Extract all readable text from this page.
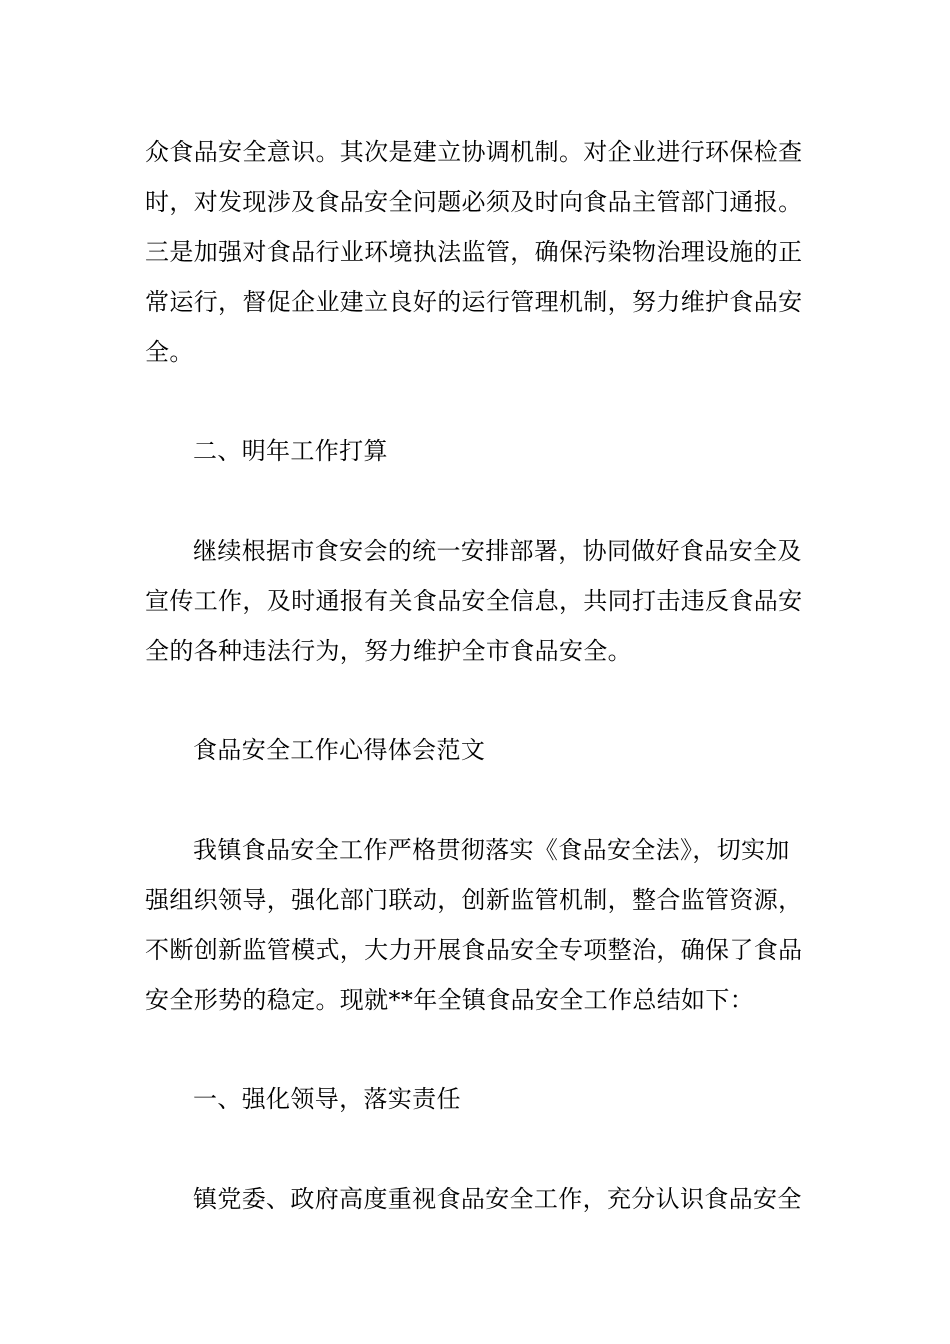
众食品安全意识。其次是建立协调机制。对企业进行环保检查
时，对发现涉及食品安全问题必须及时向食品主管部门通报。
三是加强对食品行业环境执法监管，确保污染物治理设施的正
常运行，督促企业建立良好的运行管理机制，努力维护食品安
全。
二、明年工作打算
继续根据市食安会的统一安排部署，协同做好食品安全及
宣传工作，及时通报有关食品安全信息，共同打击违反食品安
全的各种违法行为，努力维护全市食品安全。
食品安全工作心得体会范文
我镇食品安全工作严格贯彻落实《食品安全法》，切实加
强组织领导，强化部门联动，创新监管机制，整合监管资源，
不断创新监管模式，大力开展食品安全专项整治，确保了食品
安全形势的稳定。现就**年全镇食品安全工作总结如下：
一、强化领导，落实责任
镇党委、政府高度重视食品安全工作，充分认识食品安全
